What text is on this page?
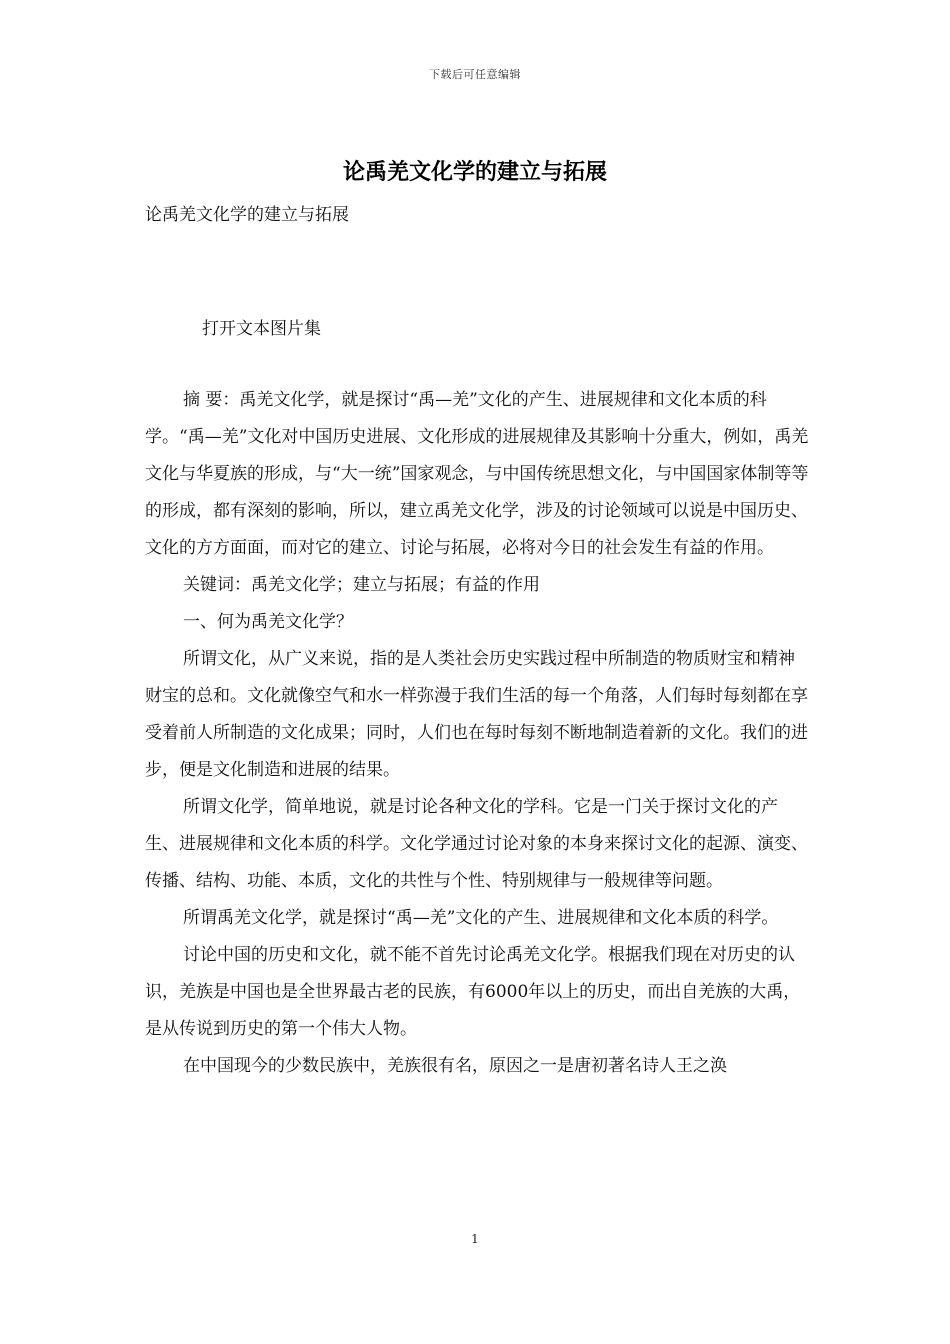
下载后可任意编辑
论禹羌文化学的建立与拓展

论禹羌文化学的建立与拓展

打开文本图片集

摘 要：禹羌文化学，就是探讨“禹—羌”文化的产生、进展规律和文化本质的科学。“禹—羌”文化对中国历史进展、文化形成的进展规律及其影响十分重大，例如，禹羌文化与华夏族的形成，与“大一统”国家观念，与中国传统思想文化，与中国国家体制等等的形成，都有深刻的影响，所以，建立禹羌文化学，涉及的讨论领域可以说是中国历史、文化的方方面面，而对它的建立、讨论与拓展，必将对今日的社会发生有益的作用。

关键词：禹羌文化学；建立与拓展；有益的作用

一、何为禹羌文化学？

所谓文化，从广义来说，指的是人类社会历史实践过程中所制造的物质财宝和精神财宝的总和。文化就像空气和水一样弥漫于我们生活的每一个角落，人们每时每刻都在享受着前人所制造的文化成果；同时，人们也在每时每刻不断地制造着新的文化。我们的进步，便是文化制造和进展的结果。

所谓文化学，简单地说，就是讨论各种文化的学科。它是一门关于探讨文化的产生、进展规律和文化本质的科学。文化学通过讨论对象的本身来探讨文化的起源、演变、传播、结构、功能、本质，文化的共性与个性、特别规律与一般规律等问题。

所谓禹羌文化学，就是探讨“禹—羌”文化的产生、进展规律和文化本质的科学。

讨论中国的历史和文化，就不能不首先讨论禹羌文化学。根据我们现在对历史的认识，羌族是中国也是全世界最古老的民族，有6000年以上的历史，而出自羌族的大禹，是从传说到历史的第一个伟大人物。

在中国现今的少数民族中，羌族很有名，原因之一是唐初著名诗人王之涣

1
